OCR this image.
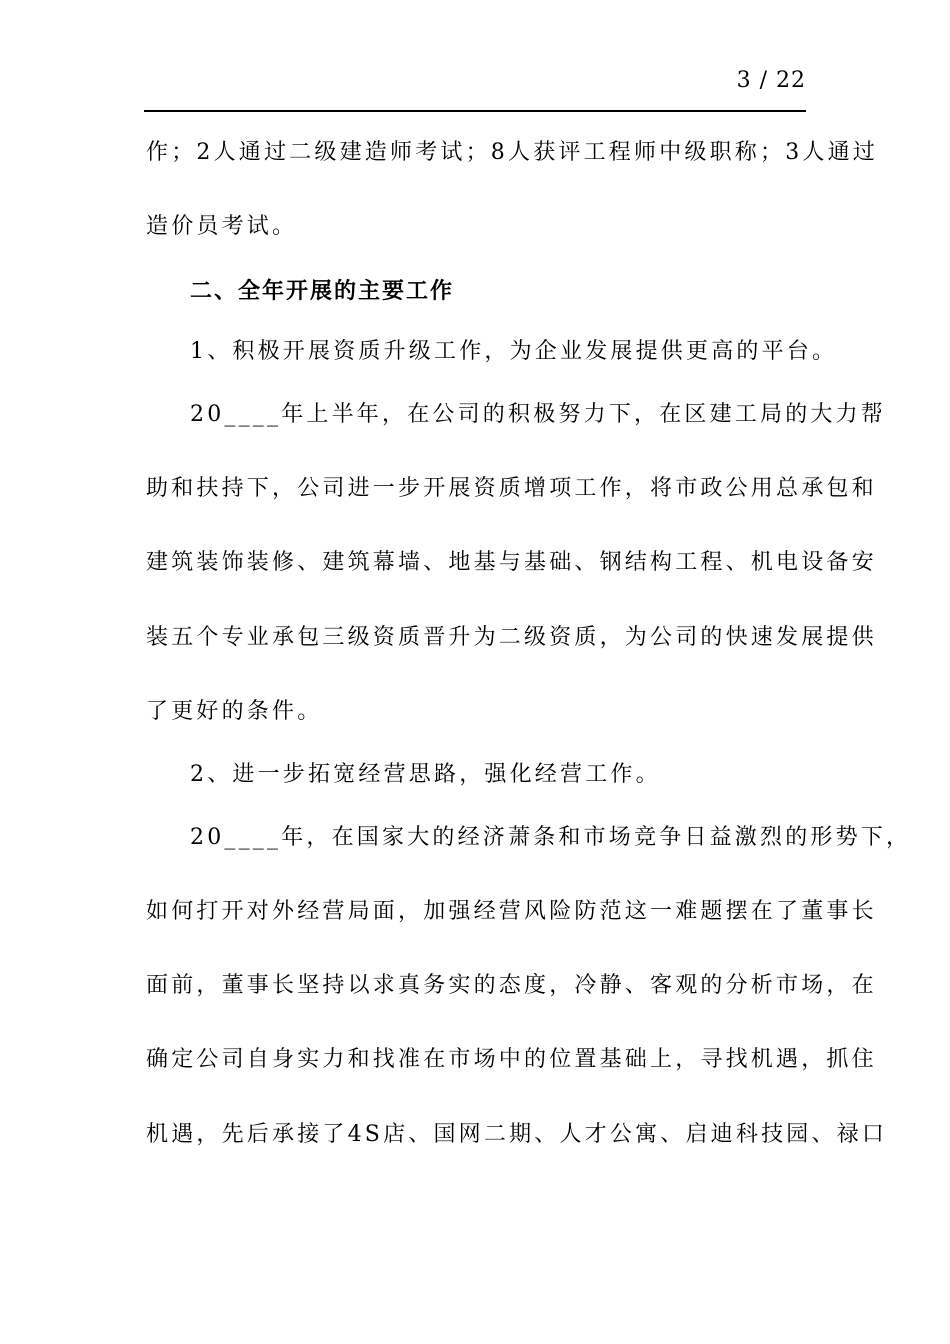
3 / 22
作；2人通过二级建造师考试；8人获评工程师中级职称；3人通过
造价员考试。
二、全年开展的主要工作
1、积极开展资质升级工作，为企业发展提供更高的平台。
20____年上半年，在公司的积极努力下，在区建工局的大力帮
助和扶持下，公司进一步开展资质增项工作，将市政公用总承包和
建筑装饰装修、建筑幕墙、地基与基础、钢结构工程、机电设备安
装五个专业承包三级资质晋升为二级资质，为公司的快速发展提供
了更好的条件。
2、进一步拓宽经营思路，强化经营工作。
20____年，在国家大的经济萧条和市场竞争日益激烈的形势下，
如何打开对外经营局面，加强经营风险防范这一难题摆在了董事长
面前，董事长坚持以求真务实的态度，冷静、客观的分析市场，在
确定公司自身实力和找准在市场中的位置基础上，寻找机遇，抓住
机遇，先后承接了4S店、国网二期、人才公寓、启迪科技园、禄口
